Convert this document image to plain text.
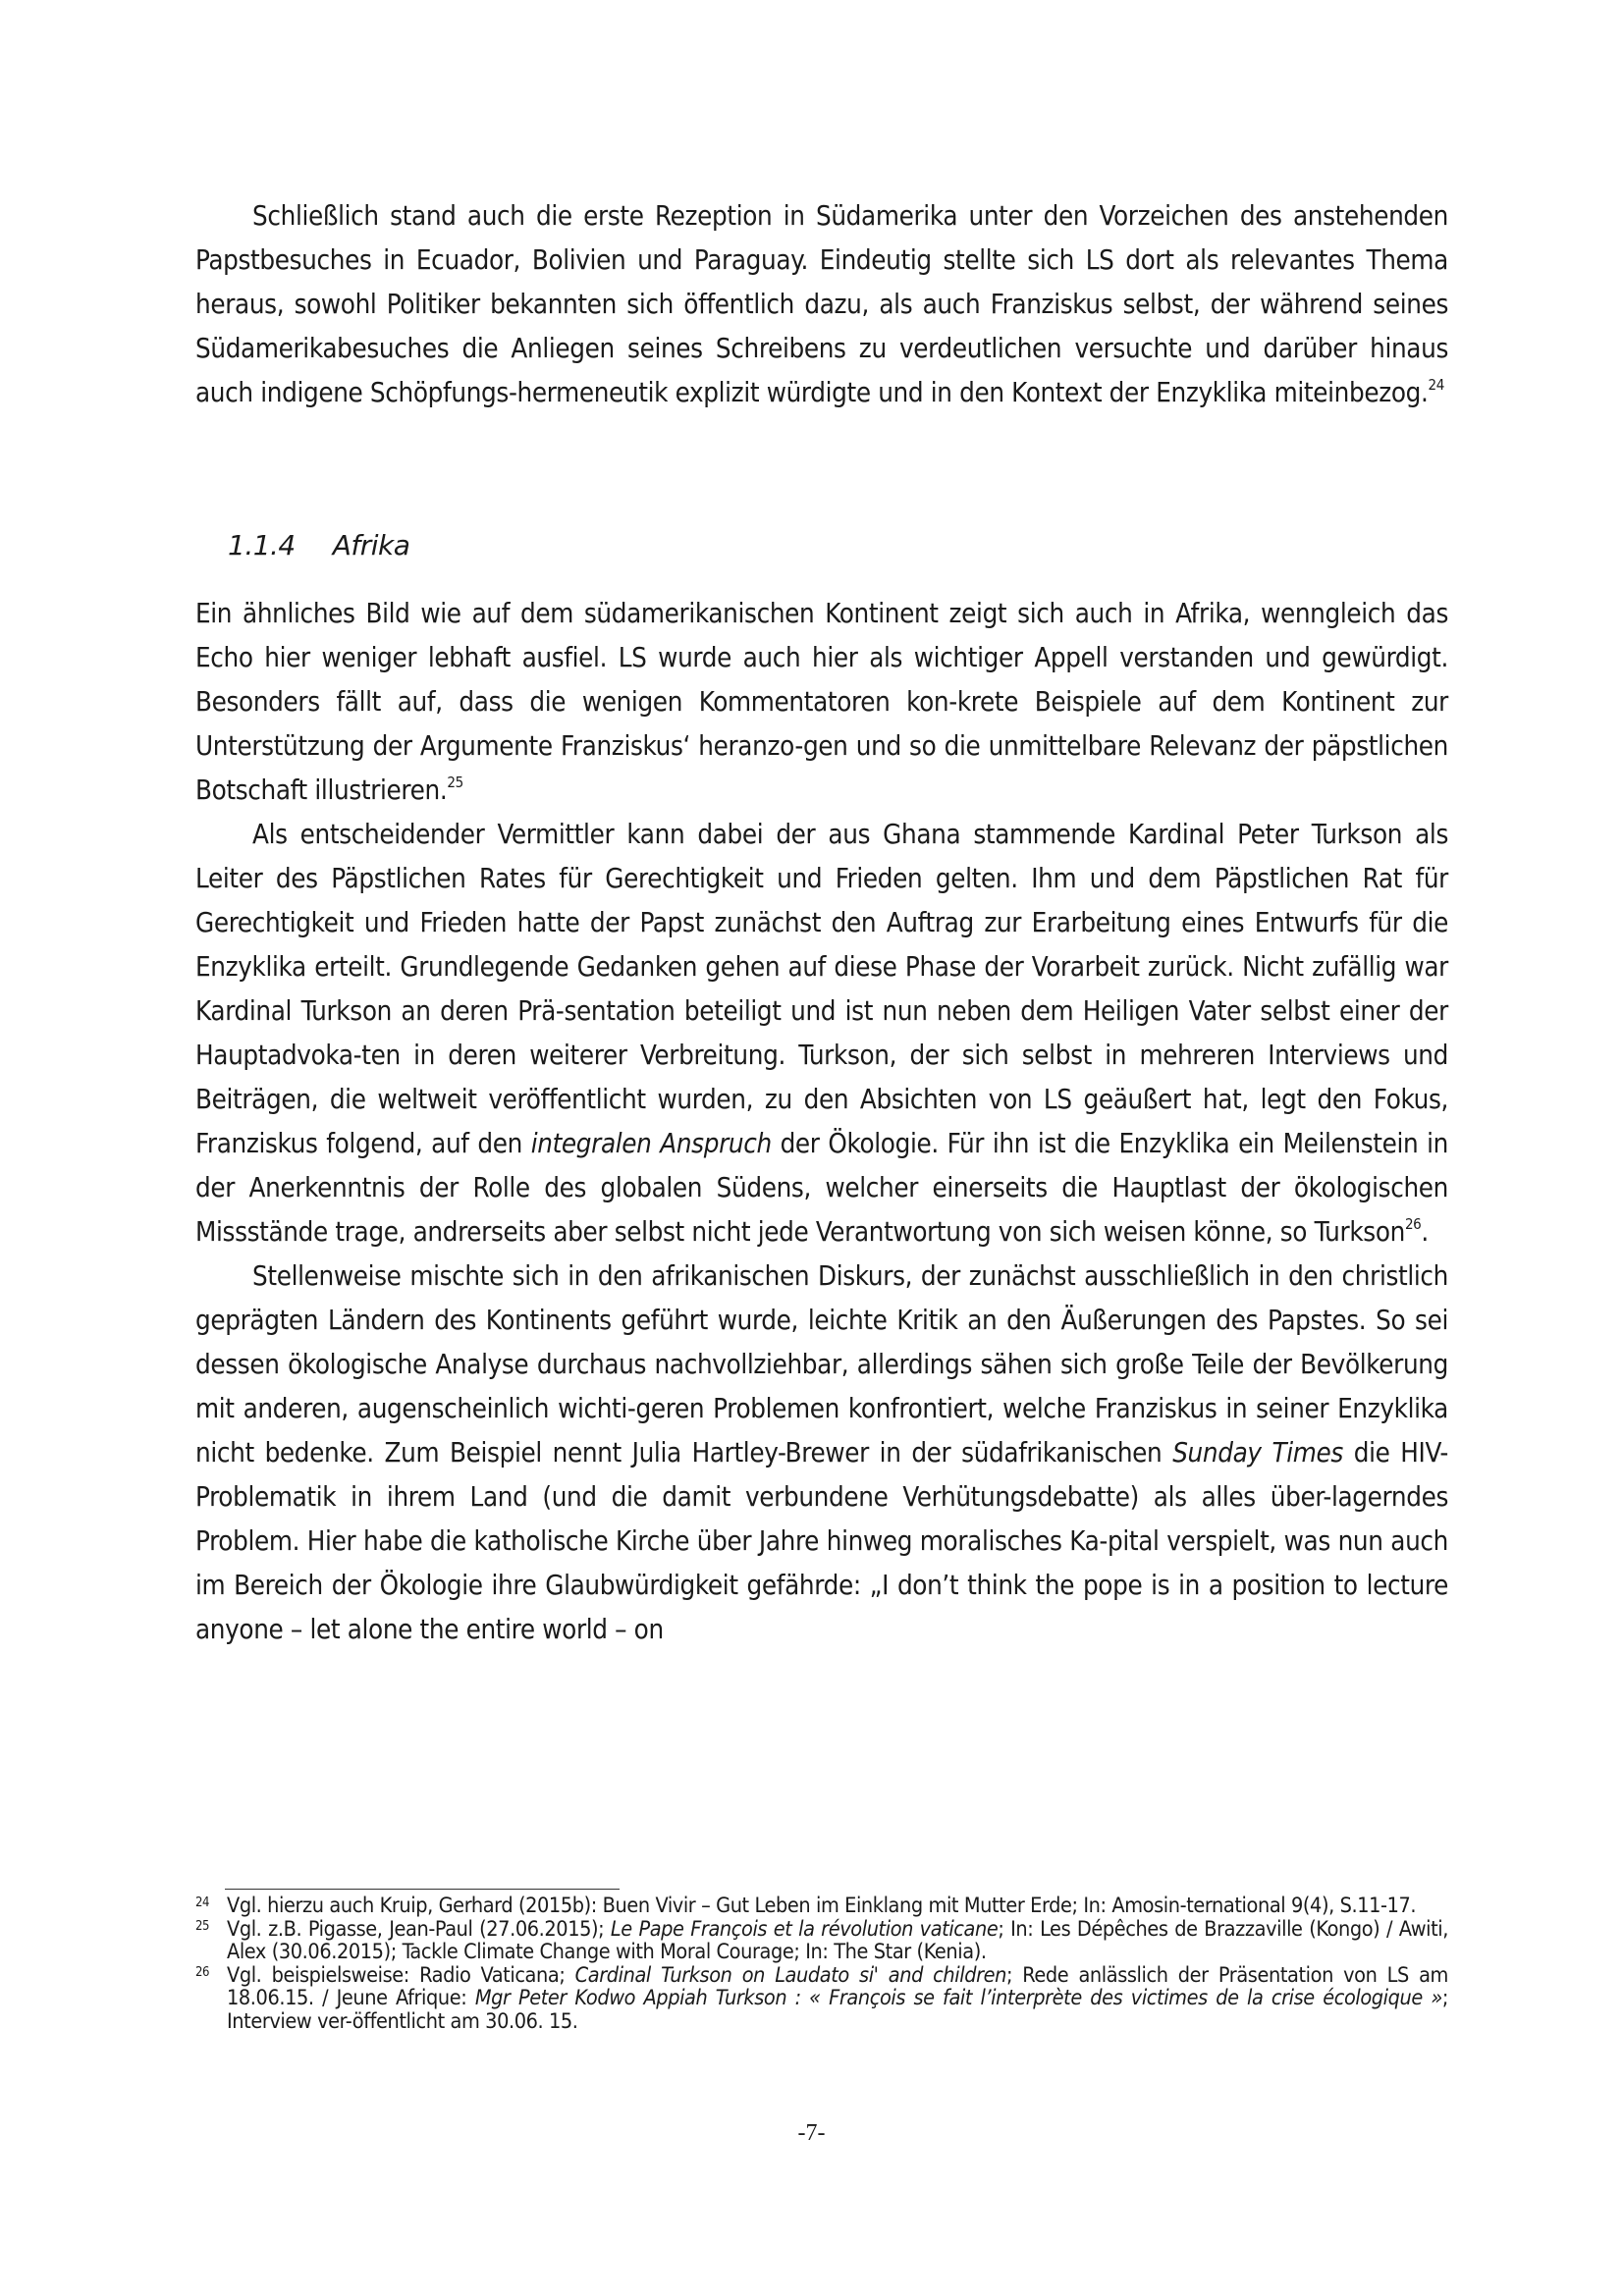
Schließlich stand auch die erste Rezeption in Südamerika unter den Vorzeichen des anstehenden Papstbesuches in Ecuador, Bolivien und Paraguay. Eindeutig stellte sich LS dort als relevantes Thema heraus, sowohl Politiker bekannten sich öffentlich dazu, als auch Franziskus selbst, der während seines Südamerikabesuches die Anliegen seines Schreibens zu verdeutlichen versuchte und darüber hinaus auch indigene Schöpfungs-hermeneutik explizit würdigte und in den Kontext der Enzyklika miteinbezog.$^{24}$

1.1.4 Afrika

Ein ähnliches Bild wie auf dem südamerikanischen Kontinent zeigt sich auch in Afrika, wenngleich das Echo hier weniger lebhaft ausfiel. LS wurde auch hier als wichtiger Appell verstanden und gewürdigt. Besonders fällt auf, dass die wenigen Kommentatoren kon-krete Beispiele auf dem Kontinent zur Unterstützung der Argumente Franziskus‘ heranzo-gen und so die unmittelbare Relevanz der päpstlichen Botschaft illustrieren.$^{25}$

Als entscheidender Vermittler kann dabei der aus Ghana stammende Kardinal Peter Turkson als Leiter des Päpstlichen Rates für Gerechtigkeit und Frieden gelten. Ihm und dem Päpstlichen Rat für Gerechtigkeit und Frieden hatte der Papst zunächst den Auftrag zur Erarbeitung eines Entwurfs für die Enzyklika erteilt. Grundlegende Gedanken gehen auf diese Phase der Vorarbeit zurück. Nicht zufällig war Kardinal Turkson an deren Prä-sentation beteiligt und ist nun neben dem Heiligen Vater selbst einer der Hauptadvoka-ten in deren weiterer Verbreitung. Turkson, der sich selbst in mehreren Interviews und Beiträgen, die weltweit veröffentlicht wurden, zu den Absichten von LS geäußert hat, legt den Fokus, Franziskus folgend, auf den integralen Anspruch der Ökologie. Für ihn ist die Enzyklika ein Meilenstein in der Anerkenntnis der Rolle des globalen Südens, welcher einerseits die Hauptlast der ökologischen Missstände trage, andrerseits aber selbst nicht jede Verantwortung von sich weisen könne, so Turkson$^{26}$.

Stellenweise mischte sich in den afrikanischen Diskurs, der zunächst ausschließlich in den christlich geprägten Ländern des Kontinents geführt wurde, leichte Kritik an den Äußerungen des Papstes. So sei dessen ökologische Analyse durchaus nachvollziehbar, allerdings sähen sich große Teile der Bevölkerung mit anderen, augenscheinlich wichti-geren Problemen konfrontiert, welche Franziskus in seiner Enzyklika nicht bedenke. Zum Beispiel nennt Julia Hartley-Brewer in der südafrikanischen Sunday Times die HIV-Problematik in ihrem Land (und die damit verbundene Verhütungsdebatte) als alles über-lagerndes Problem. Hier habe die katholische Kirche über Jahre hinweg moralisches Ka-pital verspielt, was nun auch im Bereich der Ökologie ihre Glaubwürdigkeit gefährde: „I don’t think the pope is in a position to lecture anyone – let alone the entire world – on

24 Vgl. hierzu auch Kruip, Gerhard (2015b): Buen Vivir – Gut Leben im Einklang mit Mutter Erde; In: Amosin-ternational 9(4), S.11-17.

25 Vgl. z.B. Pigasse, Jean-Paul (27.06.2015); Le Pape François et la révolution vaticane; In: Les Dépêches de Brazzaville (Kongo) / Awiti, Alex (30.06.2015); Tackle Climate Change with Moral Courage; In: The Star (Kenia).

26 Vgl. beispielsweise: Radio Vaticana; Cardinal Turkson on Laudato si' and children; Rede anlässlich der Präsentation von LS am 18.06.15. / Jeune Afrique: Mgr Peter Kodwo Appiah Turkson : « François se fait l’interprète des victimes de la crise écologique »; Interview ver-öffentlicht am 30.06. 15.

-7-
